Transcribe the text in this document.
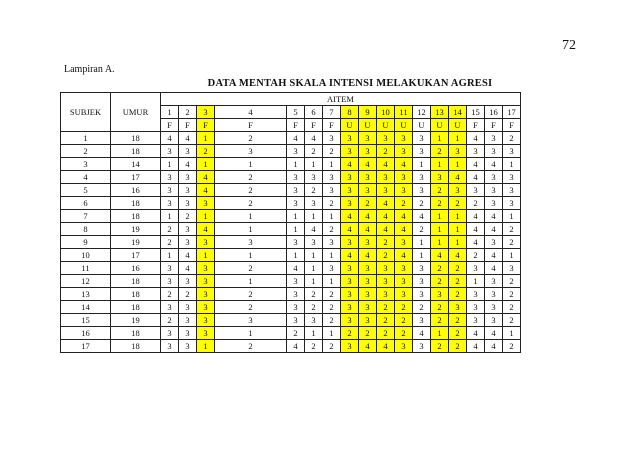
72
Lampiran A.
DATA MENTAH SKALA INTENSI MELAKUKAN AGRESI
SUBJEK	UMUR	AITEM																
		1	2	3	4	5	6	7	8	9	10	11	12	13	14	15	16	17
		F	F	F	F	F	F	F	U	U	U	U	U	U	U	F	F	F
1	18	4	4	1	2	4	4	3	3	3	3	3	3	1	1	4	3	2
2	18	3	3	2	3	3	2	2	3	3	2	3	3	2	3	3	3	3
3	14	1	4	1	1	1	1	1	4	4	4	4	1	1	1	4	4	1
4	17	3	3	4	2	3	3	3	3	3	3	3	3	3	4	4	3	3
5	16	3	3	4	2	3	2	3	3	3	3	3	3	2	3	3	3	3
6	18	3	3	3	2	3	3	2	3	2	4	2	2	2	2	2	3	3
7	18	1	2	1	1	1	1	1	4	4	4	4	4	1	1	4	4	1
8	19	2	3	4	1	1	4	2	4	4	4	4	2	1	1	4	4	2
9	19	2	3	3	3	3	3	3	3	3	2	3	1	1	1	4	3	2
10	17	1	4	1	1	1	1	1	4	4	2	4	1	4	4	2	4	1
11	16	3	4	3	2	4	1	3	3	3	3	3	3	2	2	3	4	3
12	18	3	3	3	1	3	1	1	3	3	3	3	3	2	2	1	3	2
13	18	2	2	3	2	3	2	2	3	3	3	3	3	3	2	3	3	2
14	18	3	3	3	2	3	2	2	3	3	2	2	2	2	3	3	3	2
15	19	2	3	3	3	3	3	2	3	3	2	2	3	2	2	3	3	2
16	18	3	3	3	1	2	1	1	2	2	2	2	4	1	2	4	4	1
17	18	3	3	1	2	4	2	2	3	4	4	3	3	2	2	4	4	2
